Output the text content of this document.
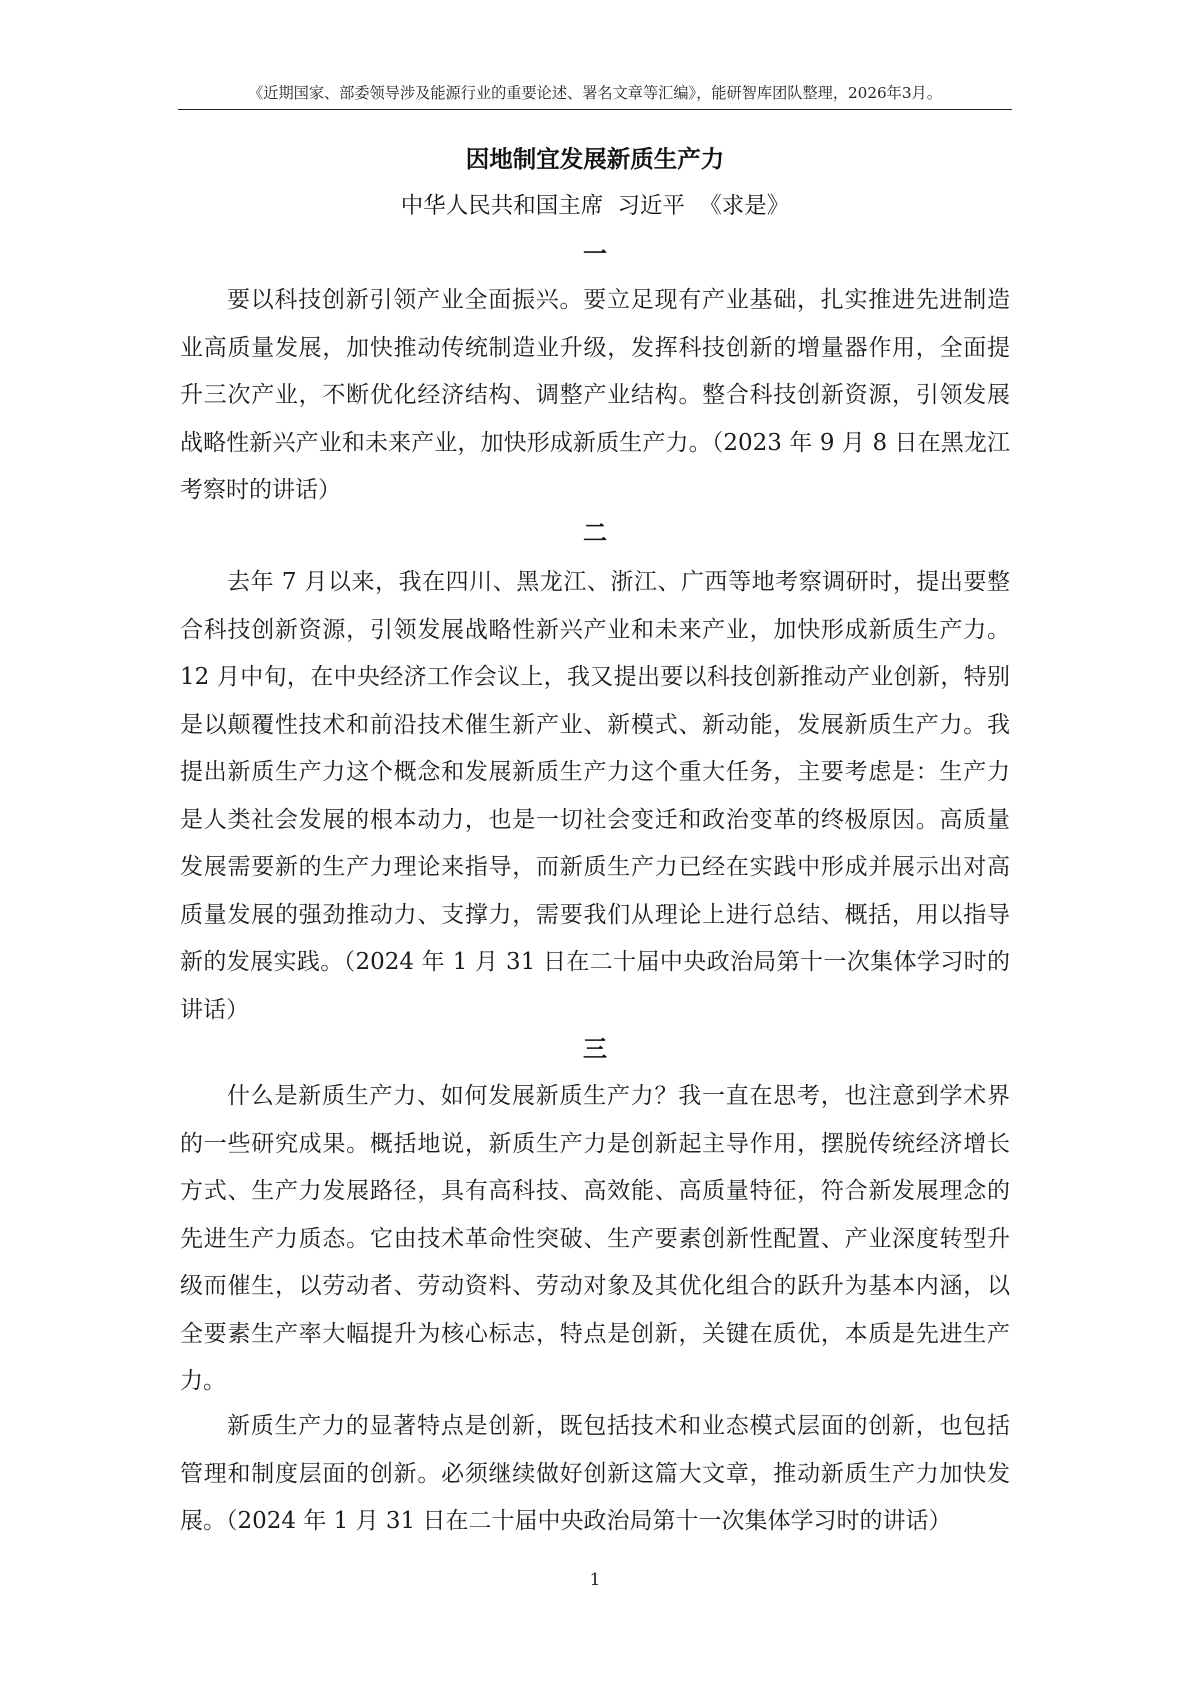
《近期国家、部委领导涉及能源行业的重要论述、署名文章等汇编》，能研智库团队整理，2026年3月。
因地制宜发展新质生产力
中华人民共和国主席  习近平  《求是》
一
要以科技创新引领产业全面振兴。要立足现有产业基础，扎实推进先进制造
业高质量发展，加快推动传统制造业升级，发挥科技创新的增量器作用，全面提
升三次产业，不断优化经济结构、调整产业结构。整合科技创新资源，引领发展
战略性新兴产业和未来产业，加快形成新质生产力。（2023 年 9 月 8 日在黑龙江
考察时的讲话）
二
去年 7 月以来，我在四川、黑龙江、浙江、广西等地考察调研时，提出要整
合科技创新资源，引领发展战略性新兴产业和未来产业，加快形成新质生产力。
12 月中旬，在中央经济工作会议上，我又提出要以科技创新推动产业创新，特别
是以颠覆性技术和前沿技术催生新产业、新模式、新动能，发展新质生产力。我
提出新质生产力这个概念和发展新质生产力这个重大任务，主要考虑是：生产力
是人类社会发展的根本动力，也是一切社会变迁和政治变革的终极原因。高质量
发展需要新的生产力理论来指导，而新质生产力已经在实践中形成并展示出对高
质量发展的强劲推动力、支撑力，需要我们从理论上进行总结、概括，用以指导
新的发展实践。（2024 年 1 月 31 日在二十届中央政治局第十一次集体学习时的
讲话）
三
什么是新质生产力、如何发展新质生产力？我一直在思考，也注意到学术界
的一些研究成果。概括地说，新质生产力是创新起主导作用，摆脱传统经济增长
方式、生产力发展路径，具有高科技、高效能、高质量特征，符合新发展理念的
先进生产力质态。它由技术革命性突破、生产要素创新性配置、产业深度转型升
级而催生，以劳动者、劳动资料、劳动对象及其优化组合的跃升为基本内涵，以
全要素生产率大幅提升为核心标志，特点是创新，关键在质优，本质是先进生产
力。
新质生产力的显著特点是创新，既包括技术和业态模式层面的创新，也包括
管理和制度层面的创新。必须继续做好创新这篇大文章，推动新质生产力加快发
展。（2024 年 1 月 31 日在二十届中央政治局第十一次集体学习时的讲话）
1
